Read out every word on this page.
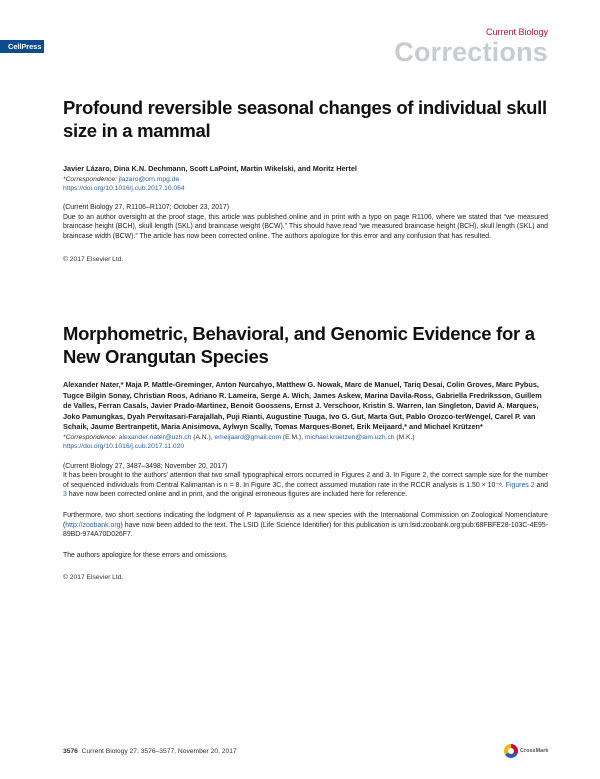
CellPress
Current Biology
Corrections
Profound reversible seasonal changes of individual skull size in a mammal
Javier Lázaro, Dina K.N. Dechmann, Scott LaPoint, Martin Wikelski, and Moritz Hertel
*Correspondence: jlazaro@orn.mpg.de
https://doi.org/10.1016/j.cub.2017.10.064

(Current Biology 27, R1106–R1107; October 23, 2017)

Due to an author oversight at the proof stage, this article was published online and in print with a typo on page R1106, where we stated that “we measured braincase height (BCH), skull length (SKL) and braincase weight (BCW).” This should have read “we measured braincase height (BCH), skull length (SKL) and braincase width (BCW).” The article has now been corrected online. The authors apologize for this error and any confusion that has resulted.

© 2017 Elsevier Ltd.
Morphometric, Behavioral, and Genomic Evidence for a New Orangutan Species
Alexander Nater,* Maja P. Mattle-Greminger, Anton Nurcahyo, Matthew G. Nowak, Marc de Manuel, Tariq Desai, Colin Groves, Marc Pybus, Tugce Bilgin Sonay, Christian Roos, Adriano R. Lameira, Serge A. Wich, James Askew, Marina Davila-Ross, Gabriella Fredriksson, Guillem de Valles, Ferran Casals, Javier Prado-Martinez, Benoit Goossens, Ernst J. Verschoor, Kristin S. Warren, Ian Singleton, David A. Marques, Joko Pamungkas, Dyah Perwitasari-Farajallah, Puji Rianti, Augustine Tuuga, Ivo G. Gut, Marta Gut, Pablo Orozco-terWengel, Carel P. van Schaik, Jaume Bertranpetit, Maria Anisimova, Aylwyn Scally, Tomas Marques-Bonet, Erik Meijaard,* and Michael Krützen*
*Correspondence: alexander.nater@uzh.ch (A.N.), emeijaard@gmail.com (E.M.), michael.kruetzen@aim.uzh.ch (M.K.)
https://doi.org/10.1016/j.cub.2017.11.020

(Current Biology 27, 3487–3498; November 20, 2017)

It has been brought to the authors’ attention that two small typographical errors occurred in Figures 2 and 3. In Figure 2, the correct sample size for the number of sequenced individuals from Central Kalimantan is n = 8. In Figure 3C, the correct assumed mutation rate in the RCCR analysis is 1.50 × 10⁻⁸. Figures 2 and 3 have now been corrected online and in print, and the original erroneous figures are included here for reference.

Furthermore, two short sections indicating the lodgment of P. tapanuliensis as a new species with the International Commission on Zoological Nomenclature (http://zoobank.org) have now been added to the text. The LSID (Life Science Identifier) for this publication is urn:lsid:zoobank.org:pub:68FBFE28-103C-4E95-89BD-974A70D026F7.

The authors apologize for these errors and omissions.

© 2017 Elsevier Ltd.
3576 Current Biology 27, 3576–3577, November 20, 2017	CrossMark
